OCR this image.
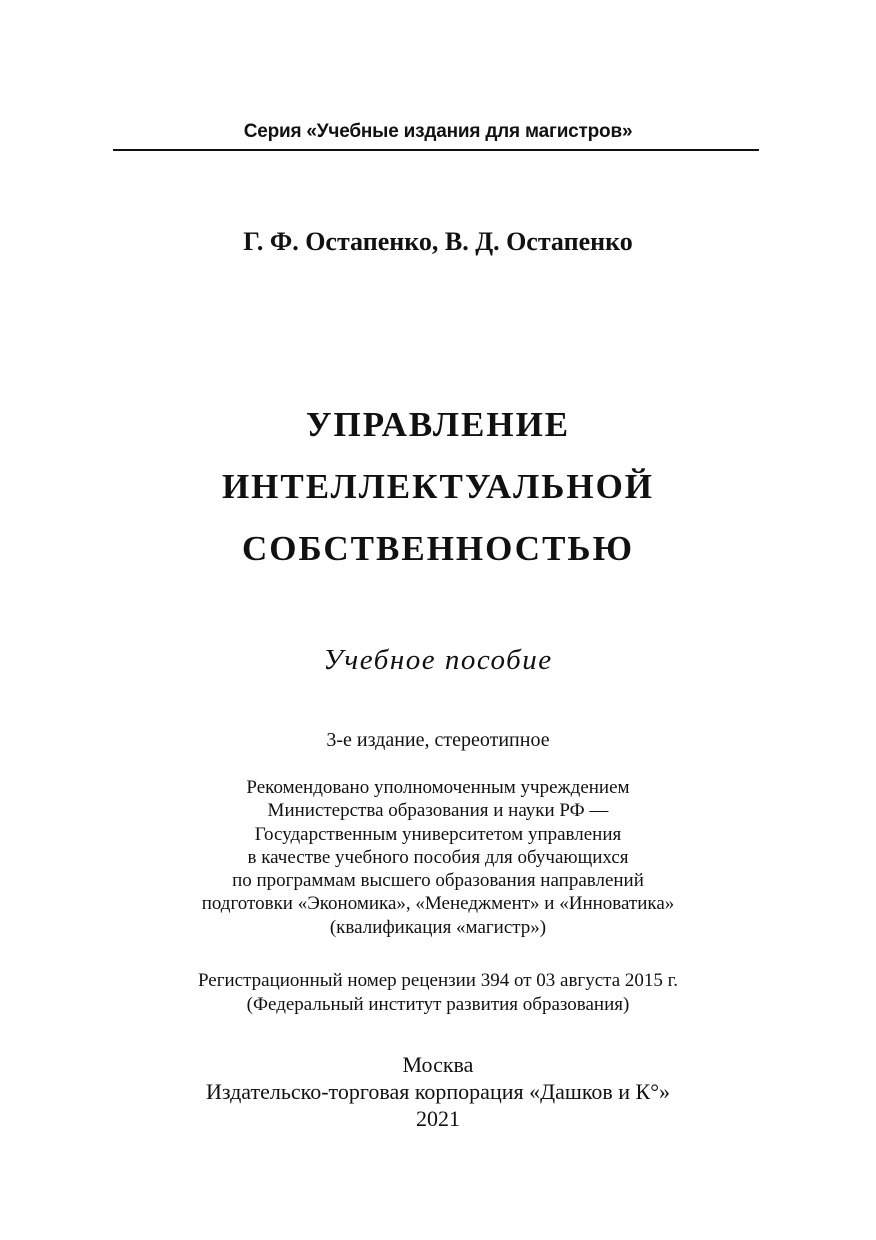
Серия «Учебные издания для магистров»
Г. Ф. Остапенко, В. Д. Остапенко
УПРАВЛЕНИЕ
ИНТЕЛЛЕКТУАЛЬНОЙ
СОБСТВЕННОСТЬЮ
Учебное пособие
3-е издание, стереотипное
Рекомендовано уполномоченным учреждением
Министерства образования и науки РФ —
Государственным университетом управления
в качестве учебного пособия для обучающихся
по программам высшего образования направлений
подготовки «Экономика», «Менеджмент» и «Инноватика»
(квалификация «магистр»)
Регистрационный номер рецензии 394 от 03 августа 2015 г.
(Федеральный институт развития образования)
Москва
Издательско-торговая корпорация «Дашков и К°»
2021
